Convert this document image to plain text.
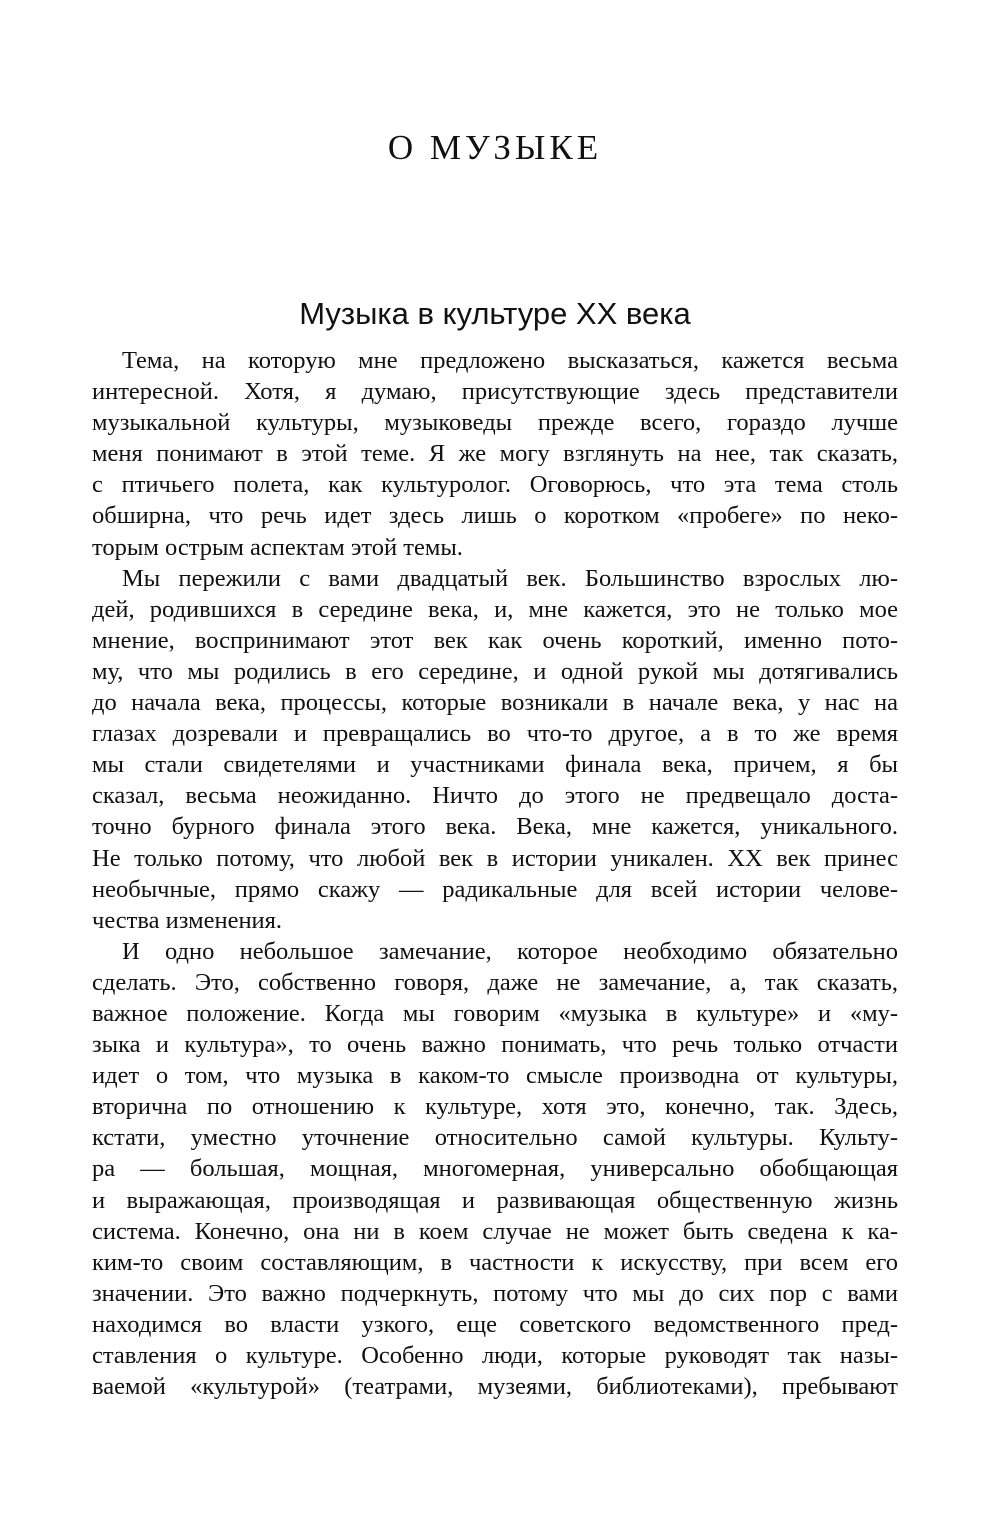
О МУЗЫКЕ
Музыка в культуре XX века

Тема, на которую мне предложено высказаться, кажется весьма
интересной. Хотя, я думаю, присутствующие здесь представители
музыкальной культуры, музыковеды прежде всего, гораздо лучше
меня понимают в этой теме. Я же могу взглянуть на нее, так сказать,
с птичьего полета, как культуролог. Оговорюсь, что эта тема столь
обширна, что речь идет здесь лишь о коротком «пробеге» по неко-
торым острым аспектам этой темы.

Мы пережили с вами двадцатый век. Большинство взрослых лю-
дей, родившихся в середине века, и, мне кажется, это не только мое
мнение, воспринимают этот век как очень короткий, именно пото-
му, что мы родились в его середине, и одной рукой мы дотягивались
до начала века, процессы, которые возникали в начале века, у нас на
глазах дозревали и превращались во что-то другое, а в то же время
мы стали свидетелями и участниками финала века, причем, я бы
сказал, весьма неожиданно. Ничто до этого не предвещало доста-
точно бурного финала этого века. Века, мне кажется, уникального.
Не только потому, что любой век в истории уникален. XX век принес
необычные, прямо скажу — радикальные для всей истории челове-
чества изменения.

И одно небольшое замечание, которое необходимо обязательно
сделать. Это, собственно говоря, даже не замечание, а, так сказать,
важное положение. Когда мы говорим «музыка в культуре» и «му-
зыка и культура», то очень важно понимать, что речь только отчасти
идет о том, что музыка в каком-то смысле производна от культуры,
вторична по отношению к культуре, хотя это, конечно, так. Здесь,
кстати, уместно уточнение относительно самой культуры. Культу-
ра — большая, мощная, многомерная, универсально обобщающая
и выражающая, производящая и развивающая общественную жизнь
система. Конечно, она ни в коем случае не может быть сведена к ка-
ким-то своим составляющим, в частности к искусству, при всем его
значении. Это важно подчеркнуть, потому что мы до сих пор с вами
находимся во власти узкого, еще советского ведомственного пред-
ставления о культуре. Особенно люди, которые руководят так назы-
ваемой «культурой» (театрами, музеями, библиотеками), пребывают
